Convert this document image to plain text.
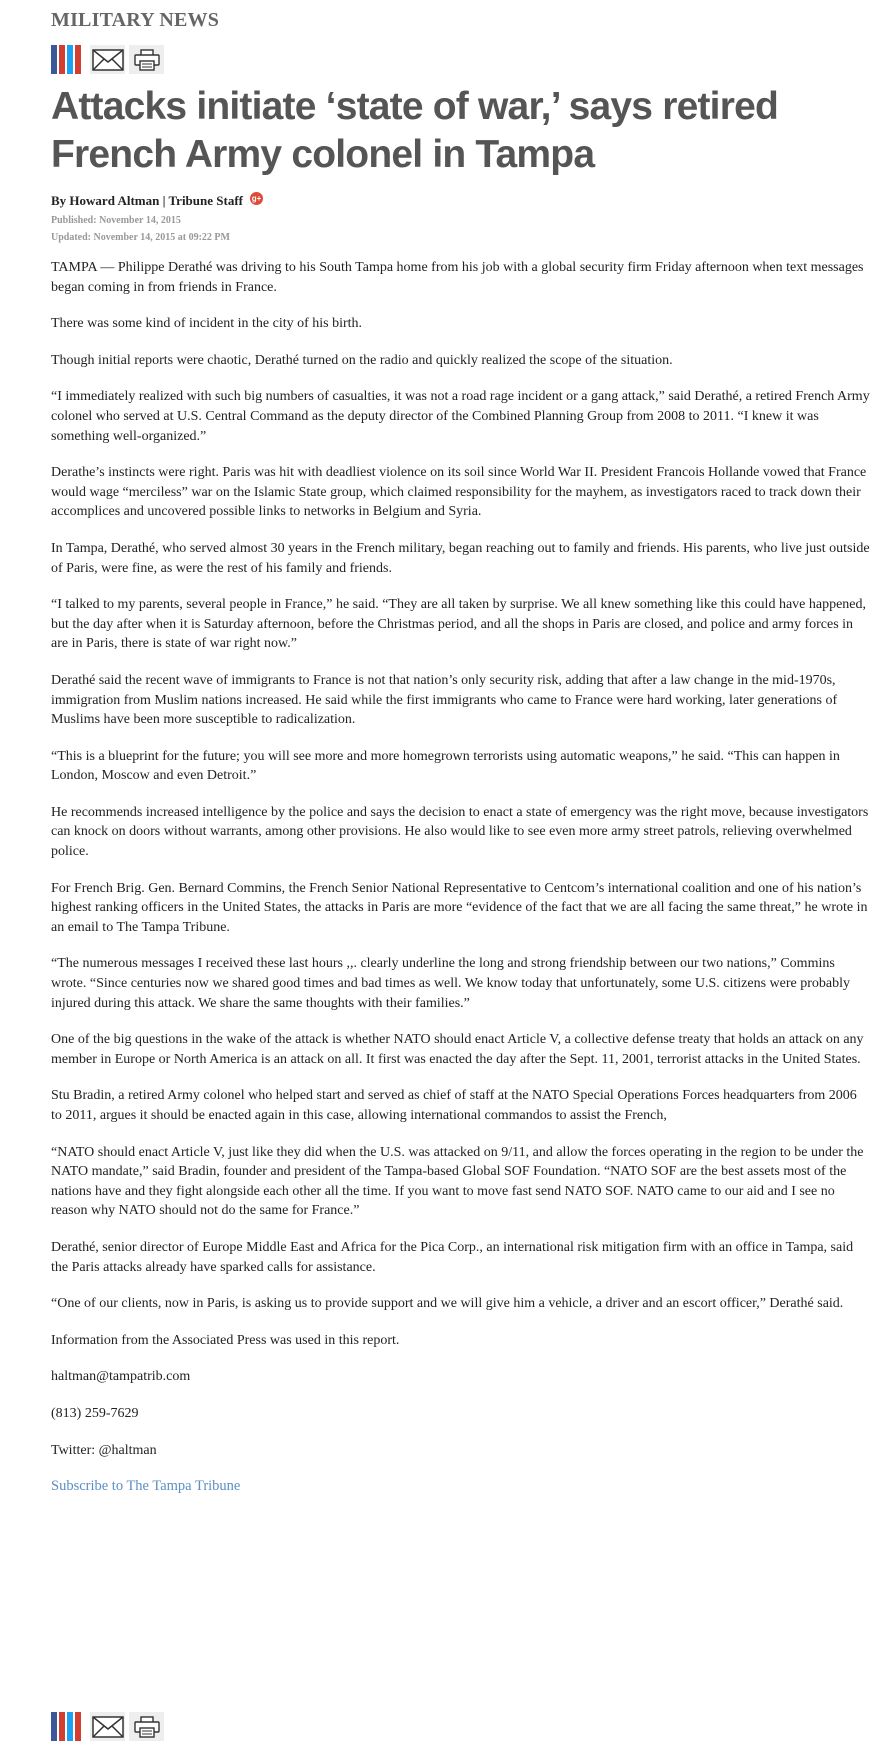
MILITARY NEWS
Attacks initiate ‘state of war,’ says retired French Army colonel in Tampa
By Howard Altman | Tribune Staff g+
Published: November 14, 2015
Updated: November 14, 2015 at 09:22 PM

TAMPA — Philippe Derathé was driving to his South Tampa home from his job with a global security firm Friday afternoon when text messages began coming in from friends in France.

There was some kind of incident in the city of his birth.

Though initial reports were chaotic, Derathé turned on the radio and quickly realized the scope of the situation.

“I immediately realized with such big numbers of casualties, it was not a road rage incident or a gang attack,” said Derathé, a retired French Army colonel who served at U.S. Central Command as the deputy director of the Combined Planning Group from 2008 to 2011. “I knew it was something well-organized.”

Derathe’s instincts were right. Paris was hit with deadliest violence on its soil since World War II. President Francois Hollande vowed that France would wage “merciless” war on the Islamic State group, which claimed responsibility for the mayhem, as investigators raced to track down their accomplices and uncovered possible links to networks in Belgium and Syria.

In Tampa, Derathé, who served almost 30 years in the French military, began reaching out to family and friends. His parents, who live just outside of Paris, were fine, as were the rest of his family and friends.

“I talked to my parents, several people in France,” he said. “They are all taken by surprise. We all knew something like this could have happened, but the day after when it is Saturday afternoon, before the Christmas period, and all the shops in Paris are closed, and police and army forces in are in Paris, there is state of war right now.”

Derathé said the recent wave of immigrants to France is not that nation’s only security risk, adding that after a law change in the mid-1970s, immigration from Muslim nations increased. He said while the first immigrants who came to France were hard working, later generations of Muslims have been more susceptible to radicalization.

“This is a blueprint for the future; you will see more and more homegrown terrorists using automatic weapons,” he said. “This can happen in London, Moscow and even Detroit.”

He recommends increased intelligence by the police and says the decision to enact a state of emergency was the right move, because investigators can knock on doors without warrants, among other provisions. He also would like to see even more army street patrols, relieving overwhelmed police.

For French Brig. Gen. Bernard Commins, the French Senior National Representative to Centcom’s international coalition and one of his nation’s highest ranking officers in the United States, the attacks in Paris are more “evidence of the fact that we are all facing the same threat,” he wrote in an email to The Tampa Tribune.

“The numerous messages I received these last hours ,,. clearly underline the long and strong friendship between our two nations,” Commins wrote. “Since centuries now we shared good times and bad times as well. We know today that unfortunately, some U.S. citizens were probably injured during this attack. We share the same thoughts with their families.”

One of the big questions in the wake of the attack is whether NATO should enact Article V, a collective defense treaty that holds an attack on any member in Europe or North America is an attack on all. It first was enacted the day after the Sept. 11, 2001, terrorist attacks in the United States.

Stu Bradin, a retired Army colonel who helped start and served as chief of staff at the NATO Special Operations Forces headquarters from 2006 to 2011, argues it should be enacted again in this case, allowing international commandos to assist the French,

“NATO should enact Article V, just like they did when the U.S. was attacked on 9/11, and allow the forces operating in the region to be under the NATO mandate,” said Bradin, founder and president of the Tampa-based Global SOF Foundation. “NATO SOF are the best assets most of the nations have and they fight alongside each other all the time. If you want to move fast send NATO SOF. NATO came to our aid and I see no reason why NATO should not do the same for France.”

Derathé, senior director of Europe Middle East and Africa for the Pica Corp., an international risk mitigation firm with an office in Tampa, said the Paris attacks already have sparked calls for assistance.

“One of our clients, now in Paris, is asking us to provide support and we will give him a vehicle, a driver and an escort officer,” Derathé said.

Information from the Associated Press was used in this report.

haltman@tampatrib.com

(813) 259-7629

Twitter: @haltman

Subscribe to The Tampa Tribune
